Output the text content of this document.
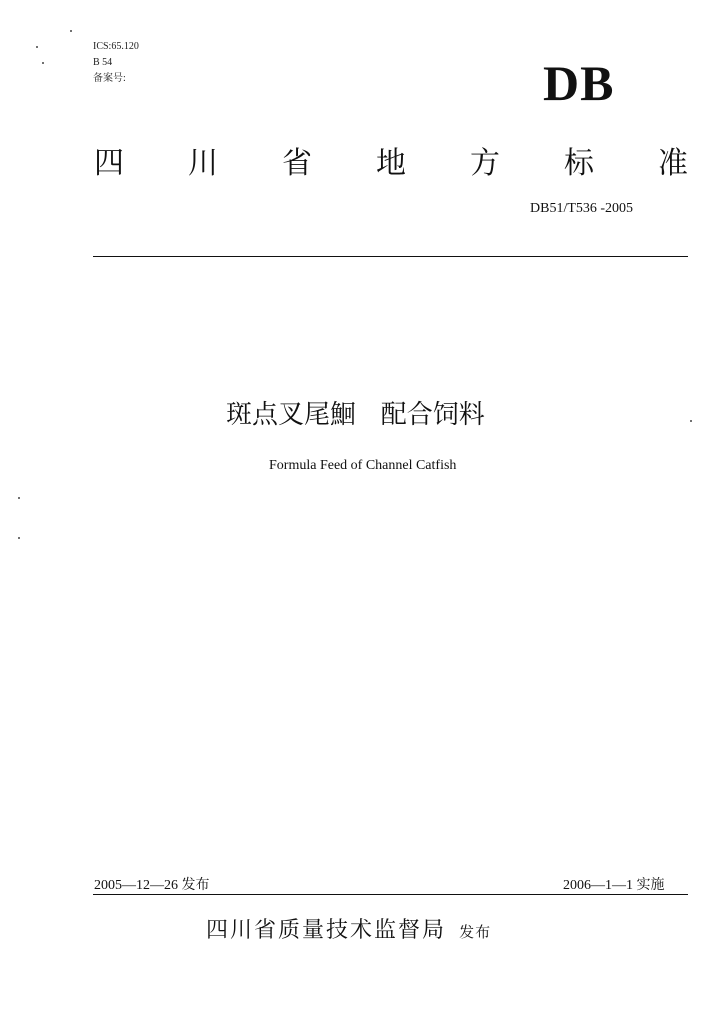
ICS:65.120
B 54
备案号:	DB
四 川 省 地 方 标 准
DB51/T536 -2005
斑点叉尾鮰   配合饲料
Formula Feed of Channel Catfish
2005—12—26 发布	2006—1—1 实施
四川省质量技术监督局 发布
